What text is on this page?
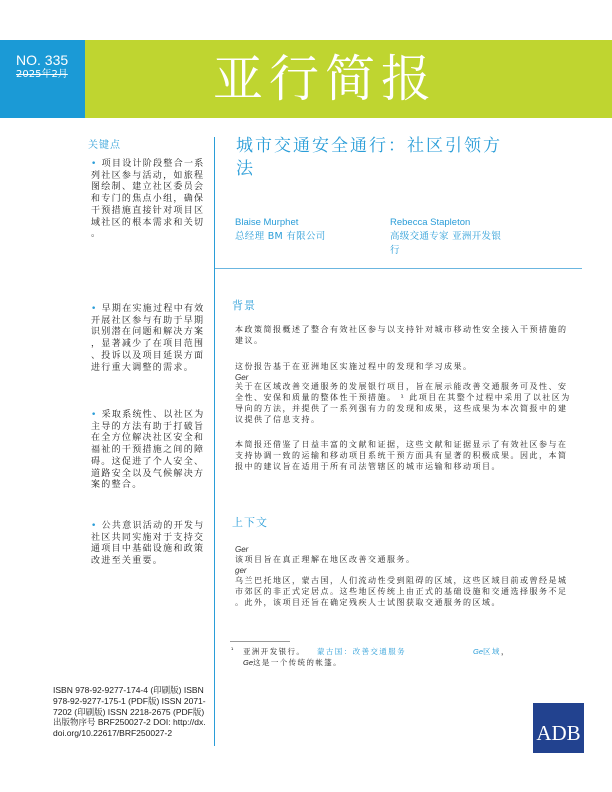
NO. 335
2025年2月	亚行简报
关键点
• 项目设计阶段整合一系列社区参与活动，如旅程图绘制、建立社区委员会和专门的焦点小组，确保干预措施直接针对项目区域社区的根本需求和关切。
• 早期在实施过程中有效开展社区参与有助于早期识别潜在问题和解决方案，显著减少了在项目范围、投诉以及项目延误方面进行重大调整的需求。
• 采取系统性、以社区为主导的方法有助于打破旨在全方位解决社区安全和福祉的干预措施之间的障碍。这促进了个人安全、道路安全以及气候解决方案的整合。
• 公共意识活动的开发与社区共同实施对于支持交通项目中基础设施和政策改进至关重要。
城市交通安全通行：社区引领方法
Blaise Murphet
总经理 BM 有限公司
Rebecca Stapleton
高级交通专家 亚洲开发银行
背景
本政策简报概述了整合有效社区参与以支持针对城市移动性安全接入干预措施的建议。
这份报告基于在亚洲地区实施过程中的发现和学习成果。
Ger
关于在区域改善交通服务的发展银行项目，旨在展示能改善交通服务可及性、安全性、安保和质量的整体性干预措施。 ¹ 此项目在其整个过程中采用了以社区为导向的方法，并提供了一系列强有力的发现和成果，这些成果为本次简报中的建议提供了信息支持。
本简报还借鉴了日益丰富的文献和证据，这些文献和证据显示了有效社区参与在支持协调一致的运输和移动项目系统干预方面具有显著的积极成果。因此，本简报中的建议旨在适用于所有司法管辖区的城市运输和移动项目。
上下文
Ger
该项目旨在真正理解在地区改善交通服务。
ger
乌兰巴托地区，蒙古国，人们流动性受到阻碍的区域，这些区域目前或曾经是城市郊区的非正式定居点。这些地区传统上由正式的基础设施和交通选择服务不足。此外，该项目还旨在确定残疾人士试图获取交通服务的区域。
¹ 亚洲开发银行。 蒙古国：改善交通服务	Ge区域 ，
Ge这是一个传统的帐篷。
ISBN 978-92-9277-174-4 (印刷版) ISBN 978-92-9277-175-1 (PDF版) ISSN 2071-7202 (印刷版) ISSN 2218-2675 (PDF版) 出版物序号 BRF250027-2 DOI: http://dx.doi.org/10.22617/BRF250027-2	ADB
